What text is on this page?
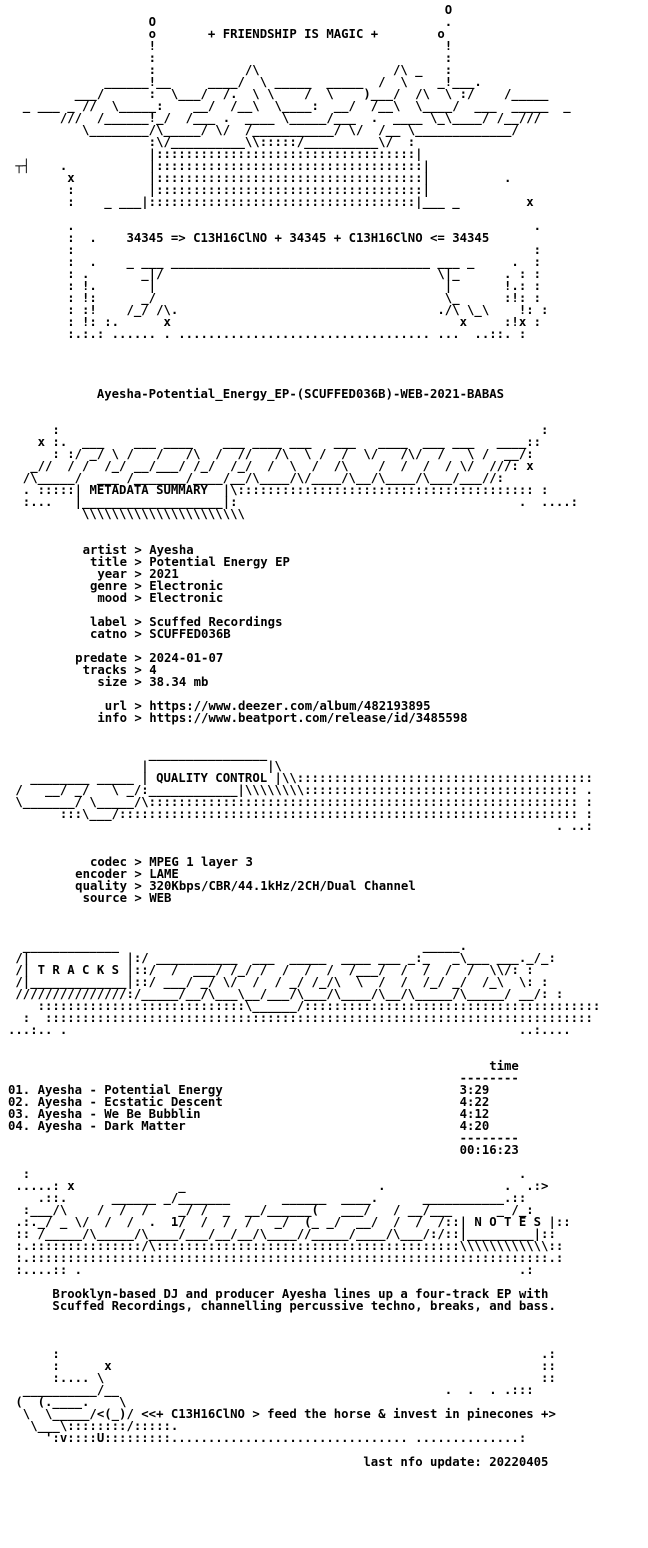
O
O                                       .
o       + FRIENDSHIP IS MAGIC +        o
!                                       !
:                                       :
:            /\                  /\ _   :
______!__     ____/  \ _____  _____  /  \    _!___.
___/      :  \___/  /.  \ \    /  \    )___/  /\  \ :/    /_____
_ ___ _ //  \_____:    __/  /__\  \____:  __/  /__\  \____/  ___  _____  _
///  /______!_/  /___ .  ____ \_____/___  .  ____ \_\____/ /__///
\________/\_____/ \/  /___________/ \/  /__ \_____________/
:\/__________\\:::::/__________\/  :
|:::::::::::::::::::::::::::::::::::|
┬┤    .           |::::::::::::::::::::::::::::::::::::|
x          |::::::::::::::::::::::::::::::::::::|          .
:          |::::::::::::::::::::::::::::::::::::|
:    _ ___|::::::::::::::::::::::::::::::::::::|___ _         x
.                                                              .
:  .    34345 => C13H16ClNO + 34345 + C13H16ClNO <= 34345
:                                                              :
:  .    _ ___ ___________________________________ ___ _     .  :
: .       _|/                                     \|_      . : :
: !.       |                                       |       !.: :
: !:      _/                                       \_      :!: :
: :!    /_/ /\.                                   ./\ \_\    !: :
: !: :.      x                                       x     :!x :
:.:.: ...... . .................................. ...  ..::. :
Ayesha-Potential_Energy_EP-(SCUFFED036B)-WEB-2021-BABAS
:                                                                 :
x :.  ___    ___ ____    ___ ____ ___   ___   ____  ___ ___   ____::
: :/ _/ \ /   /   /\  /  //   /\  \ /  /  \/   /\/  /   \ /  __/:
_//  / /  /_/ __/___/ /_/  /_/  /  \  /  /\    /  /  /  / \/  ///: x
/\_____/  ___ /_______/____/__/\____/\/____/\__/\____/\___/___//:
. :::::| METADATA SUMMARY  |\:::::::::::::::::::::::::::::::::::::::: :
:...   |___________________|:                                      .  ....:
\\\\\\\\\\\\\\\\\\\\\\
artist > Ayesha
title > Potential Energy EP
year > 2021
genre > Electronic
mood > Electronic
label > Scuffed Recordings
catno > SCUFFED036B
predate > 2024-01-07
tracks > 4
size > 38.34 mb
url > https://www.deezer.com/album/482193895
info > https://www.beatport.com/release/id/3485598
________________
|                |\
________ _____ | QUALITY CONTROL |\\::::::::::::::::::::::::::::::::::::::::
/   __/ _/   \ _/:____________|\\\\\\\\::::::::::::::::::::::::::::::::::::: .
\_______/ \_____/\:::::::::::::::::::::::::::::::::::::::::::::::::::::::::: :
:::\___/:::::::::::::::::::::::::::::::::::::::::::::::::::::::::::::: :
. ..:
codec > MPEG 1 layer 3
encoder > LAME
quality > 320Kbps/CBR/44.1kHz/2CH/Dual Channel
source > WEB
_____________                                         _____.
/|             |:/ ___________  ___  _____  ____ ___ _:_   _\___ ___._/_:
/| T R A C K S |::/  /  ___/ /_/ /  /  /  /  /___/  /  /  /  /  \\/: :
/|_____________|::/ ___/ _/ \/  /  / _/ /_/\  \  /  /  /_/ _/  /_\  \: :
///////////////:/_____/__/\___\__/___/\___/\____/\__/\_____/\_____/ __/: :
::::::::::::::::::::::::::::\______/::::::::::::::::::::::::::::::::::::::::
:  ::::::::::::::::::::::::::::::::::::::::::::::::::::::::::::::::::::::::::
...:.. .                                                             ..:....
time
--------
01. Ayesha - Potential Energy	3:29
02. Ayesha - Ecstatic Descent	4:22
03. Ayesha - We Be Bubblin	4:12
04. Ayesha - Dark Matter	4:20
--------
00:16:23
:                                                                  .
.....: x              _                          .                .  .:>
.::.      ______ _/_______       ______  ____.      ___________.::
:___/\    /  /  /    _/ /  _  __/______(   ___/   / __/___      _ /_:
.:._/ _ \/  /  /  .  1/  /  /  /   _/  (_ _/  __/  /  /  /::| N O T E S |::
:: /_____/\_____/\____/___/__/__/\____//_____/____/\___/:/::|_________|::
:.:::::::::::::::/\:::::::::::::::::::::::::::::::::::::::::\\\\\\\\\\\\::
:.::::::::::::::::::::::::::::::::::::::::::::::::::::::::::::::::::::::.:
:....:: .                                                           .:
Brooklyn-based DJ and producer Ayesha lines up a four-track EP with
Scuffed Recordings, channelling percussive techno, breaks, and bass.
:                                                                 .:
:      x                                                          ::
:.... \                                                           ::
__________/__                                            .  .  . .:::
(  (.____.    \
\  \_____/<(_)/ <<+ C13H16ClNO > feed the horse & invest in pinecones +>
\___\::::::::/:::::.
':v::::U:::::::::................................ ..............:
last nfo update: 20220405
